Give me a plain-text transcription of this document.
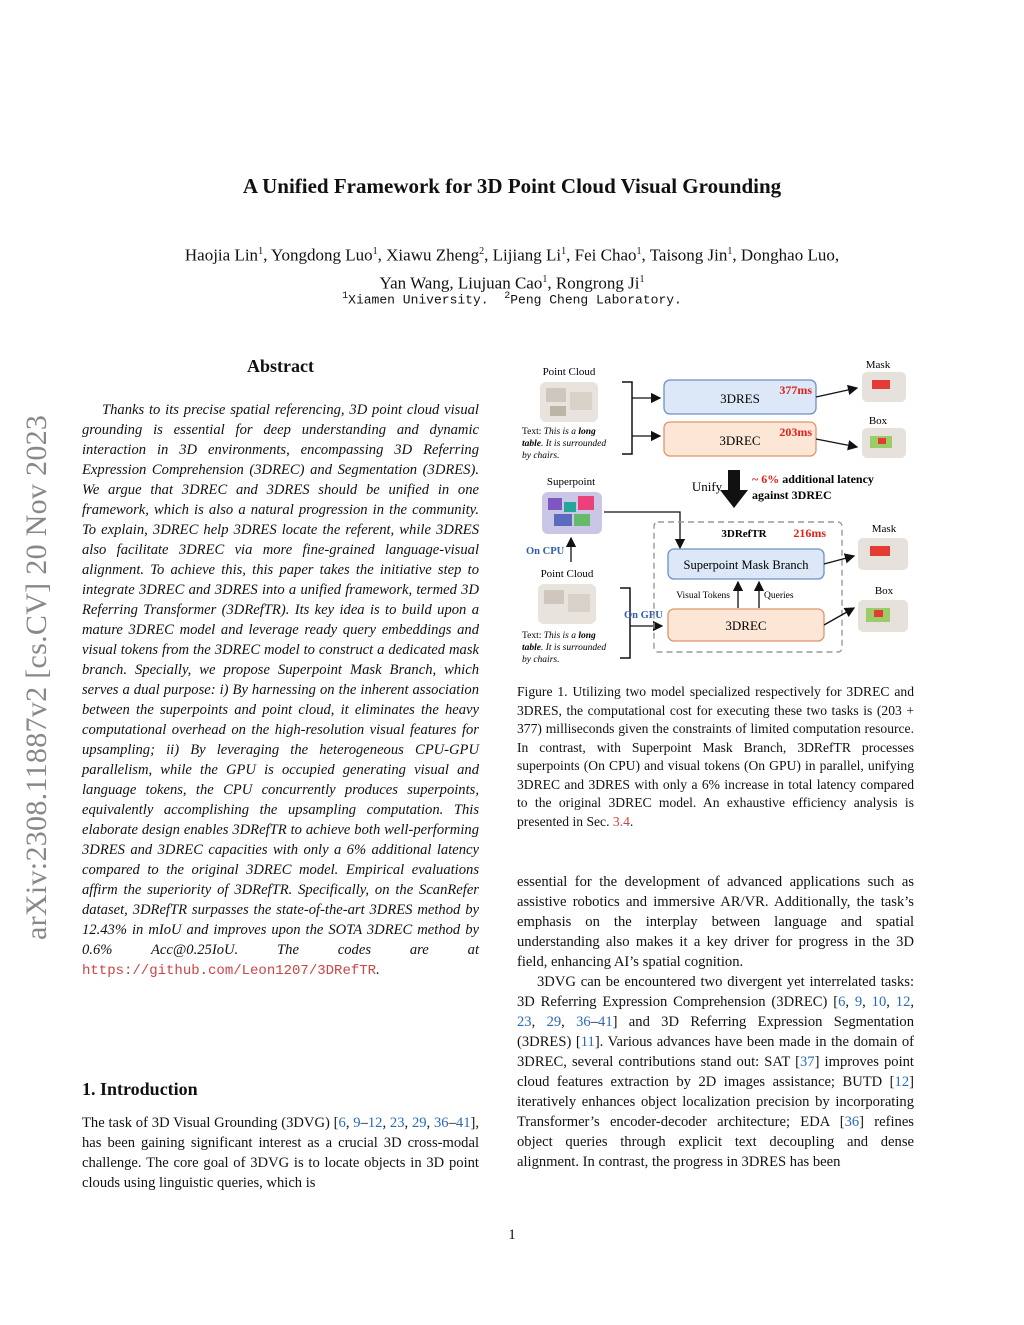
A Unified Framework for 3D Point Cloud Visual Grounding
Haojia Lin$^1$, Yongdong Luo$^1$, Xiawu Zheng$^2$, Lijiang Li$^1$, Fei Chao$^1$, Taisong Jin$^1$, Donghao Luo,
Yan Wang, Liujuan Cao$^1$, Rongrong Ji$^1$
$^1$Xiamen University. $^2$Peng Cheng Laboratory.
arXiv:2308.11887v2 [cs.CV] 20 Nov 2023
Abstract
Thanks to its precise spatial referencing, 3D point cloud visual grounding is essential for deep understanding and dynamic interaction in 3D environments, encompassing 3D Referring Expression Comprehension (3DREC) and Segmentation (3DRES). We argue that 3DREC and 3DRES should be unified in one framework, which is also a natural progression in the community. To explain, 3DREC help 3DRES locate the referent, while 3DRES also facilitate 3DREC via more fine-grained language-visual alignment. To achieve this, this paper takes the initiative step to integrate 3DREC and 3DRES into a unified framework, termed 3D Referring Transformer (3DRefTR). Its key idea is to build upon a mature 3DREC model and leverage ready query embeddings and visual tokens from the 3DREC model to construct a dedicated mask branch. Specially, we propose Superpoint Mask Branch, which serves a dual purpose: i) By harnessing on the inherent association between the superpoints and point cloud, it eliminates the heavy computational overhead on the high-resolution visual features for upsampling; ii) By leveraging the heterogeneous CPU-GPU parallelism, while the GPU is occupied generating visual and language tokens, the CPU concurrently produces superpoints, equivalently accomplishing the upsampling computation. This elaborate design enables 3DRefTR to achieve both well-performing 3DRES and 3DREC capacities with only a 6% additional latency compared to the original 3DREC model. Empirical evaluations affirm the superiority of 3DRefTR. Specifically, on the ScanRefer dataset, 3DRefTR surpasses the state-of-the-art 3DRES method by 12.43% in mIoU and improves upon the SOTA 3DREC method by 0.6% Acc@0.25IoU. The codes are at https://github.com/Leon1207/3DRefTR.
1. Introduction
The task of 3D Visual Grounding (3DVG) [6, 9–12, 23, 29, 36–41], has been gaining significant interest as a crucial 3D cross-modal challenge. The core goal of 3DVG is to locate objects in 3D point clouds using linguistic queries, which is
Point Cloud
Text: This is a long
table. It is surrounded
by chairs.
3DRES
377ms
3DREC
203ms
Mask
Box
Unify ~ 6% additional latency
against 3DREC
Superpoint
On CPU
Point Cloud
Text: This is a long
table. It is surrounded
by chairs.
On GPU
3DRefTR 216ms
Superpoint Mask Branch
Visual Tokens	Queries
3DREC
Mask
Box
Figure 1. Utilizing two model specialized respectively for 3DREC and 3DRES, the computational cost for executing these two tasks is (203 + 377) milliseconds given the constraints of limited computation resource. In contrast, with Superpoint Mask Branch, 3DRefTR processes superpoints (On CPU) and visual tokens (On GPU) in parallel, unifying 3DREC and 3DRES with only a 6% increase in total latency compared to the original 3DREC model. An exhaustive efficiency analysis is presented in Sec. 3.4.

essential for the development of advanced applications such as assistive robotics and immersive AR/VR. Additionally, the task’s emphasis on the interplay between language and spatial understanding also makes it a key driver for progress in the 3D field, enhancing AI’s spatial cognition.

3DVG can be encountered two divergent yet interrelated tasks: 3D Referring Expression Comprehension (3DREC) [6, 9, 10, 12, 23, 29, 36–41] and 3D Referring Expression Segmentation (3DRES) [11]. Various advances have been made in the domain of 3DREC, several contributions stand out: SAT [37] improves point cloud features extraction by 2D images assistance; BUTD [12] iteratively enhances object localization precision by incorporating Transformer’s encoder-decoder architecture; EDA [36] refines object queries through explicit text decoupling and dense alignment. In contrast, the progress in 3DRES has been

1
